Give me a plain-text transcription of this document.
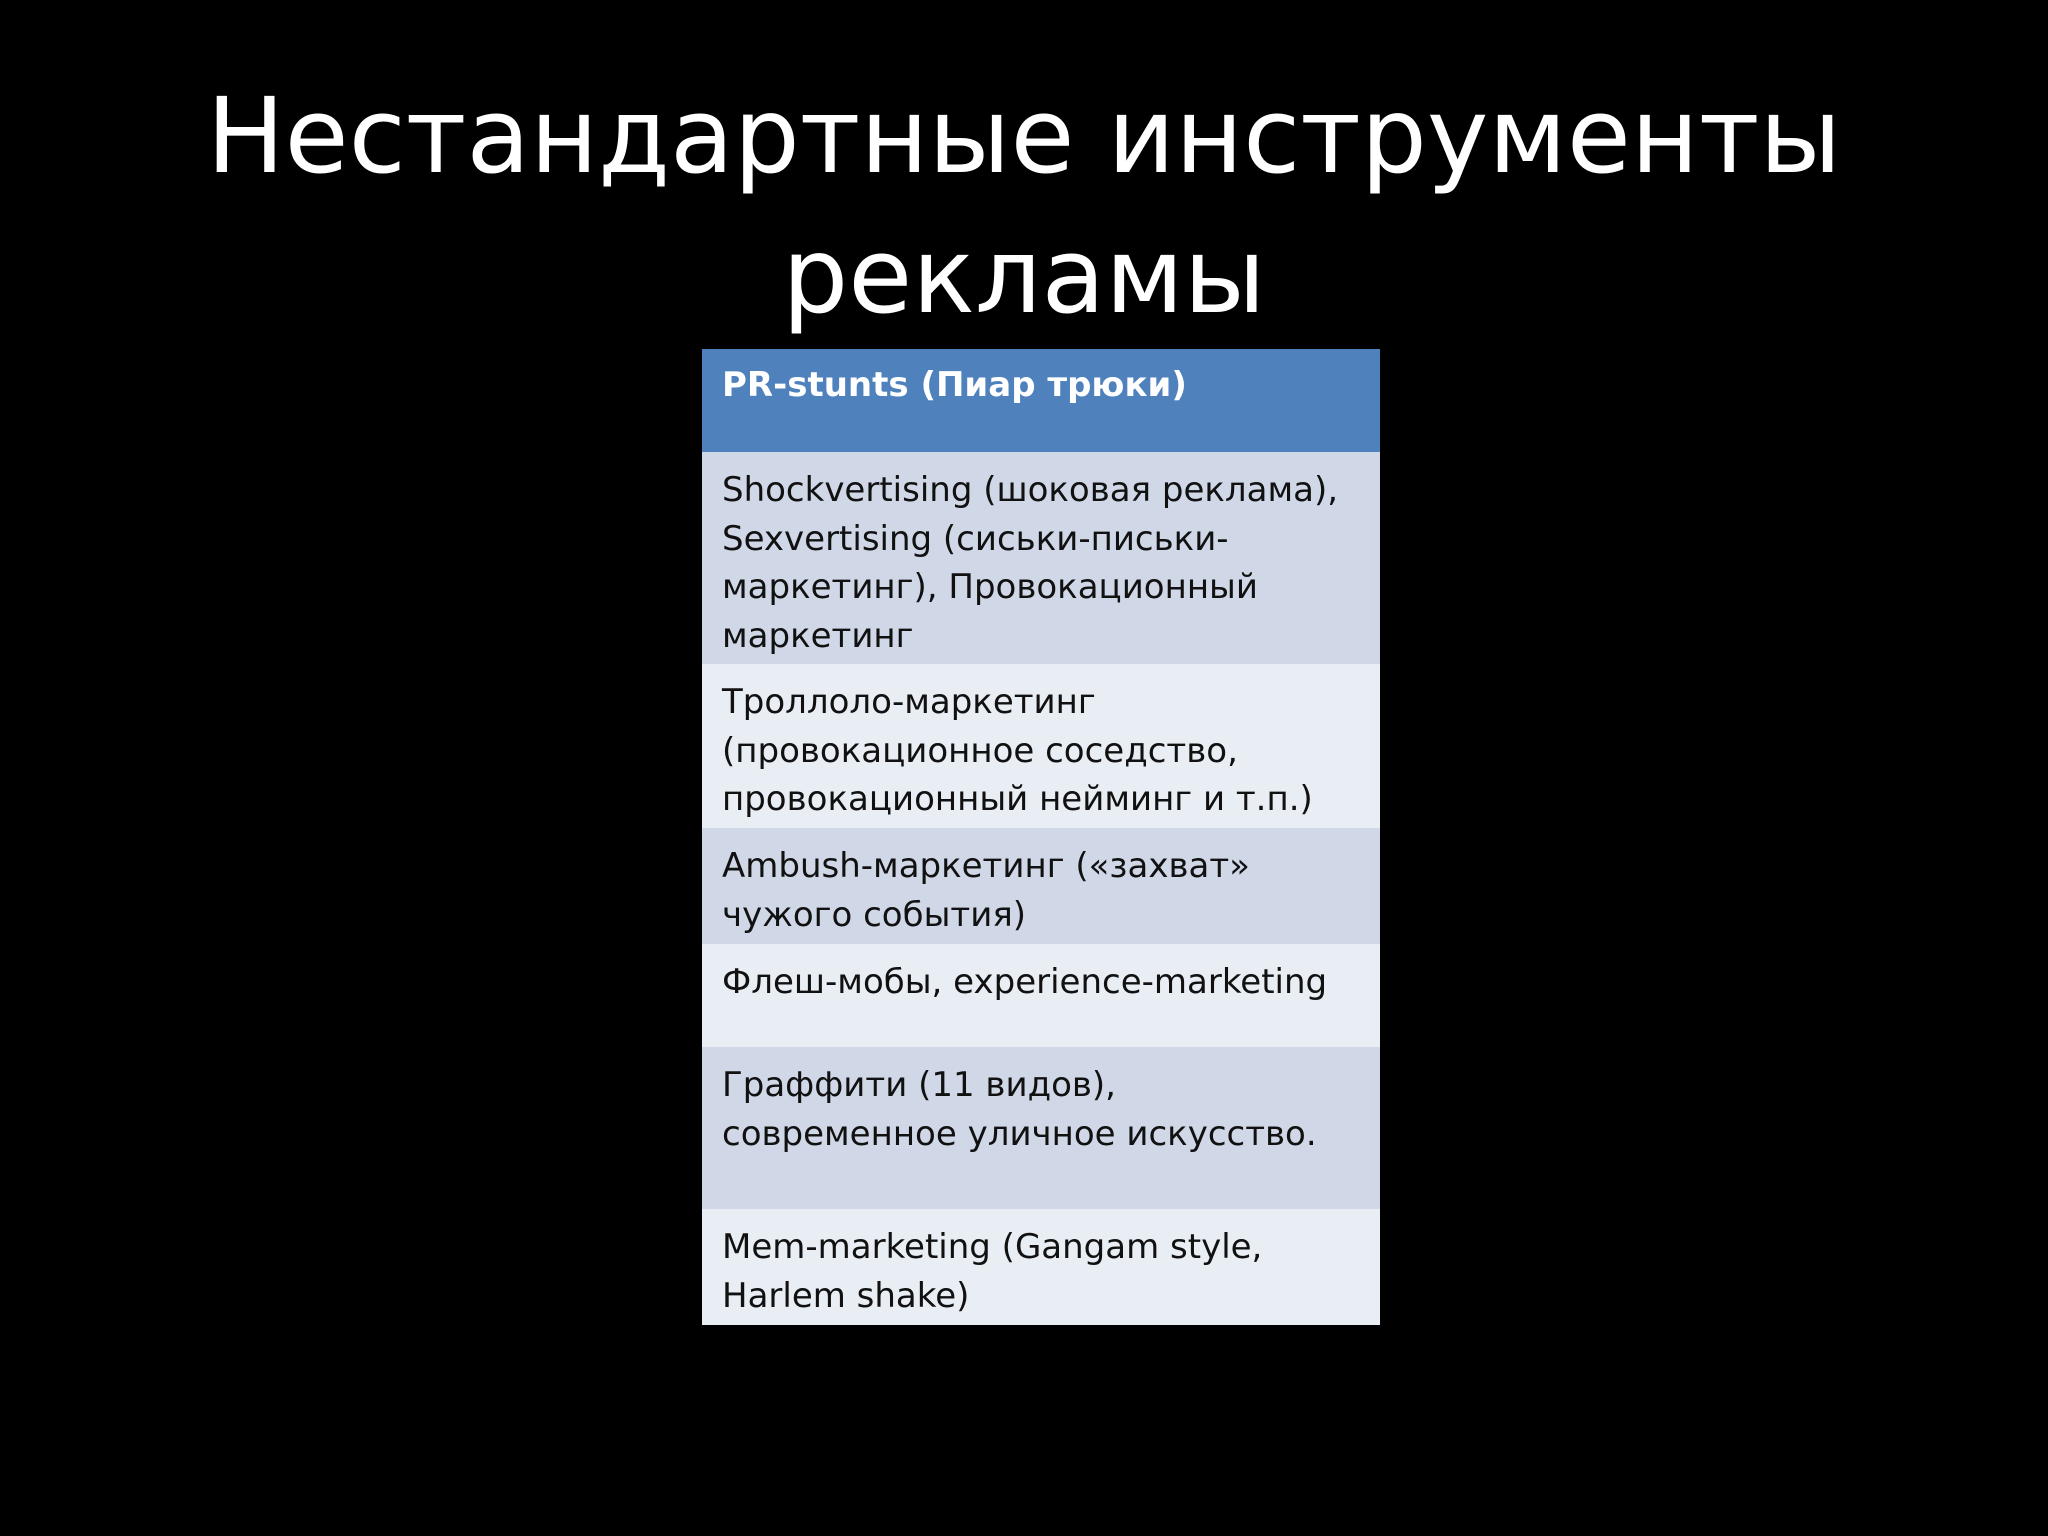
Нестандартные инструменты рекламы
PR-stunts (Пиар трюки)
Shockvertising (шоковая реклама), Sexvertising (сиськи-письки-маркетинг), Провокационный маркетинг
Троллоло-маркетинг (провокационное соседство, провокационный нейминг и т.п.)
Ambush-маркетинг («захват» чужого события)
Флеш-мобы, experience-marketing
Граффити (11 видов), современное уличное искусство.
Mem-marketing (Gangam style, Harlem shake)
